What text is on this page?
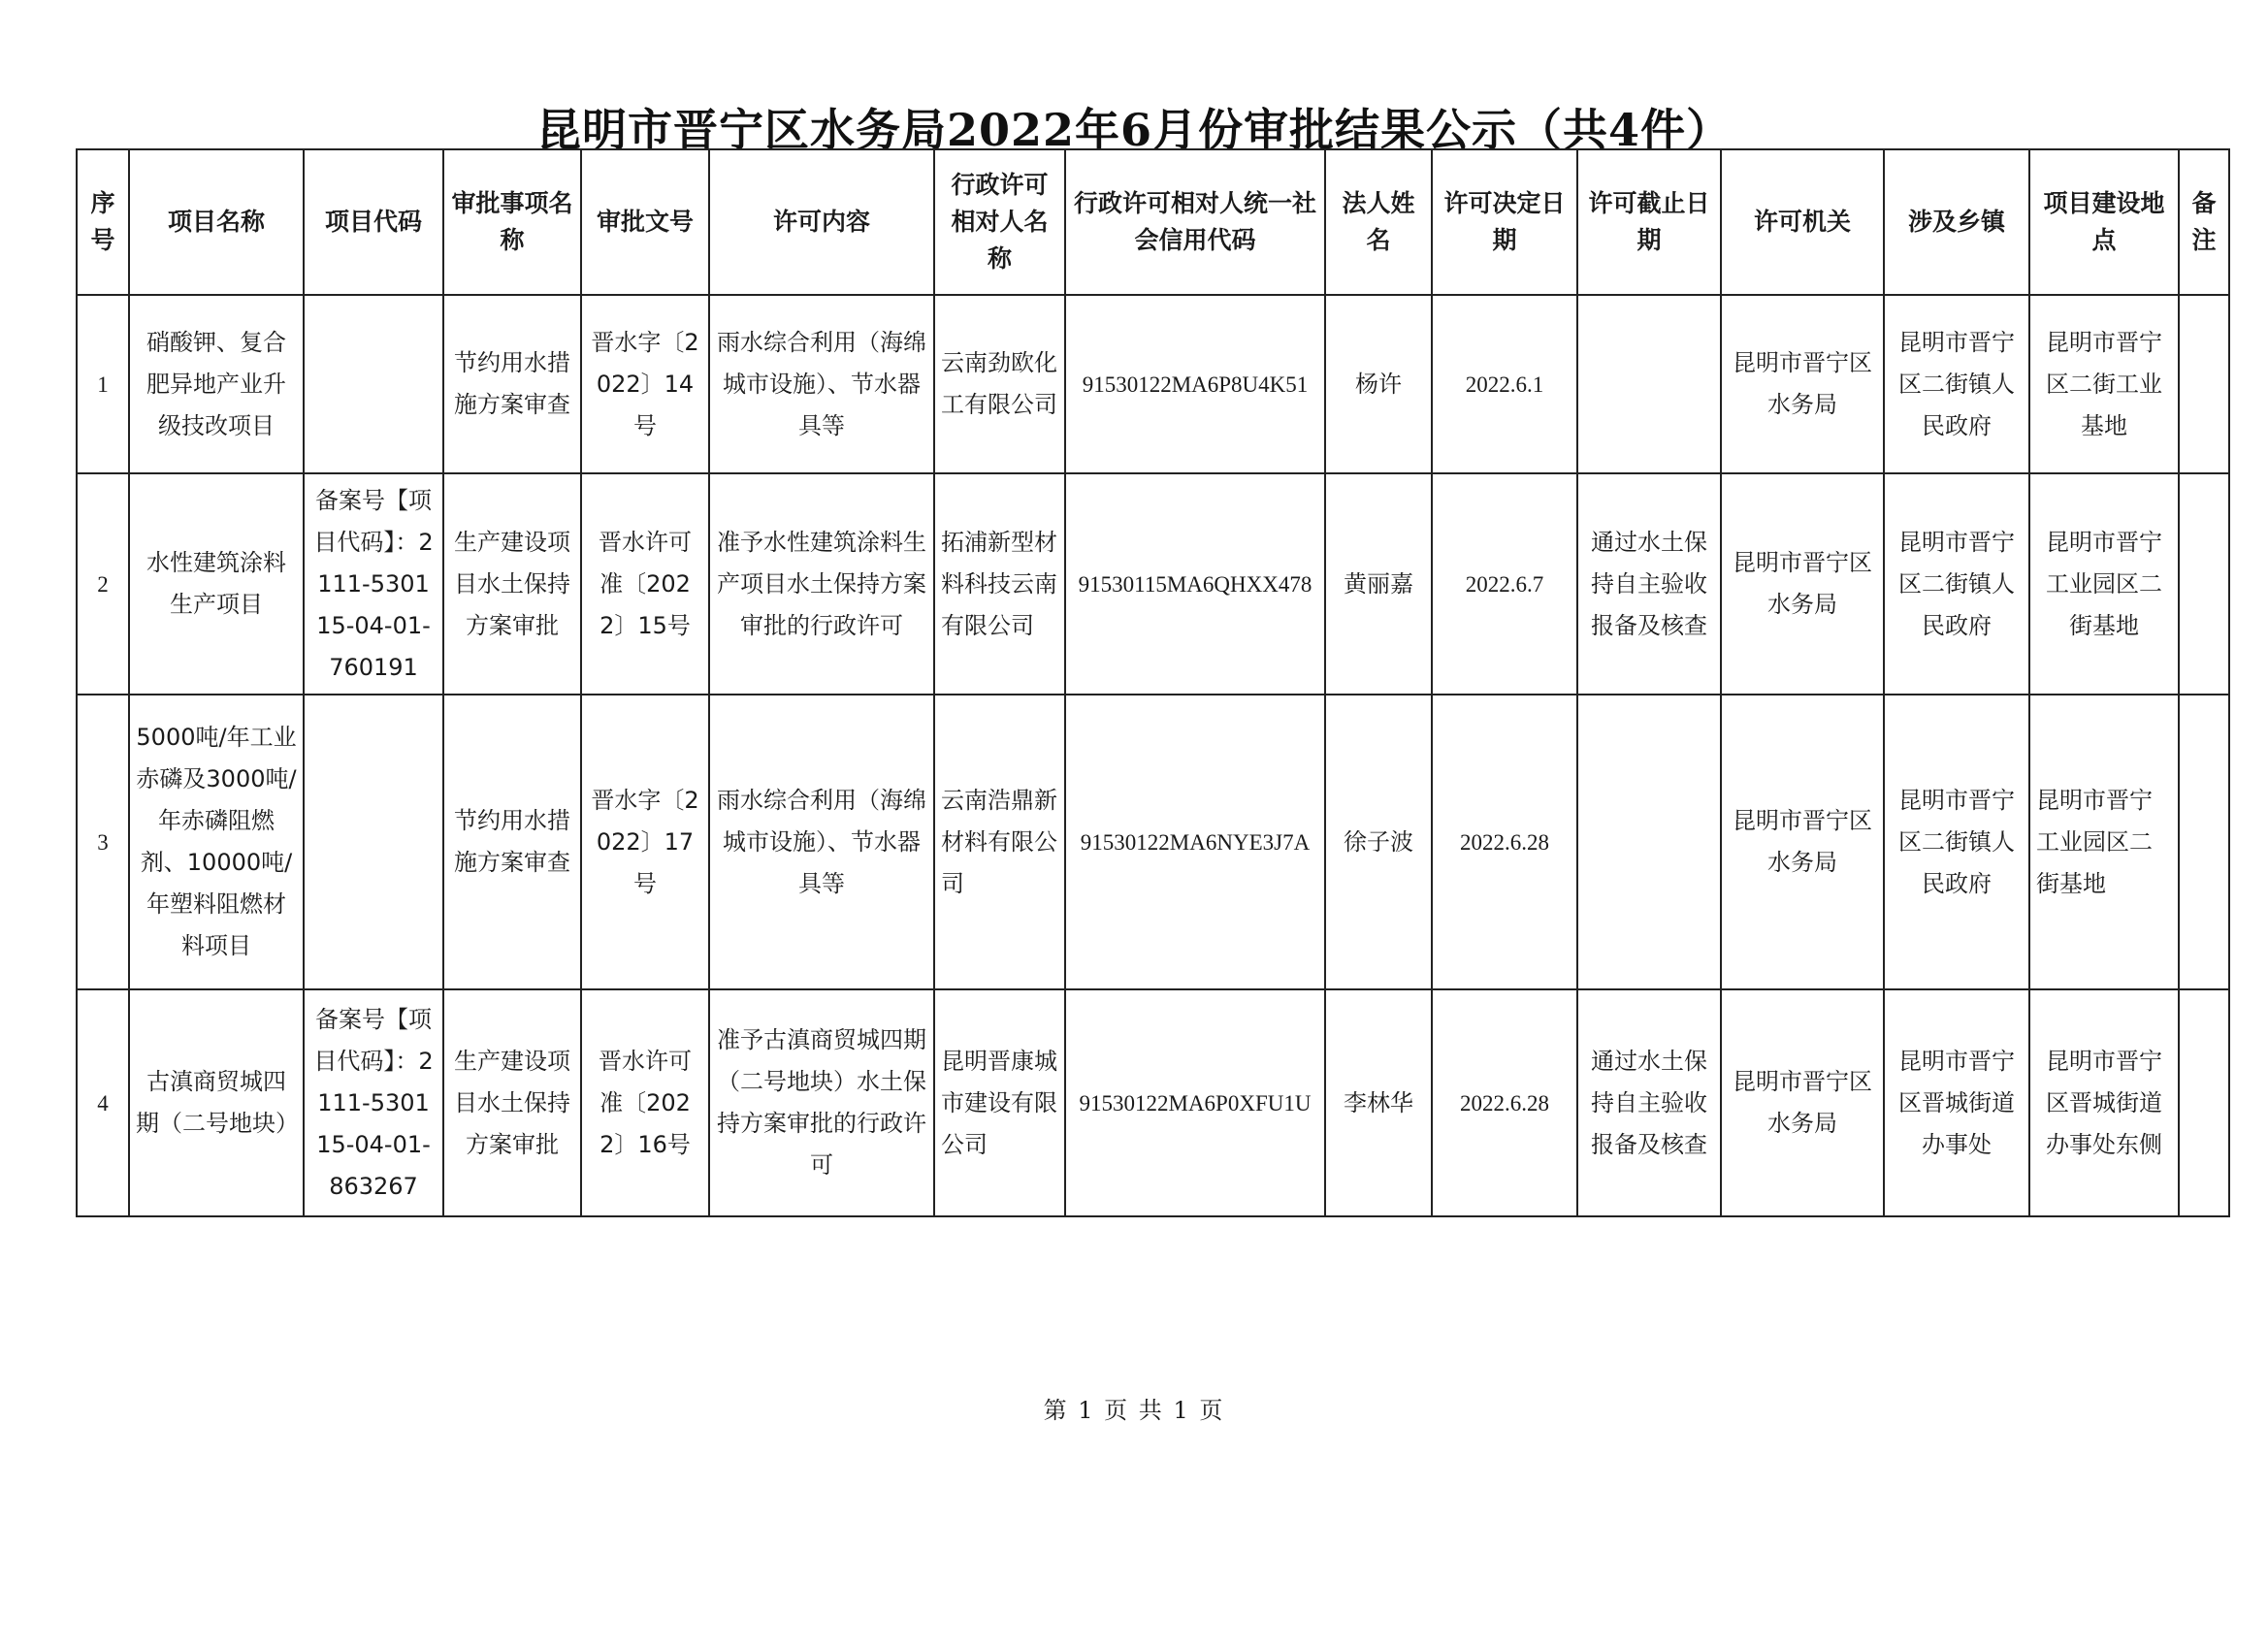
昆明市晋宁区水务局2022年6月份审批结果公示（共4件）
序号	项目名称	项目代码	审批事项名称	审批文号	许可内容	行政许可相对人名称	行政许可相对人统一社会信用代码	法人姓名	许可决定日期	许可截止日期	许可机关	涉及乡镇	项目建设地点	备注
1	硝酸钾、复合肥异地产业升级技改项目		节约用水措施方案审查	晋水字〔2022〕14号	雨水综合利用（海绵城市设施）、节水器具等	云南劲欧化工有限公司	91530122MA6P8U4K51	杨许	2022.6.1		昆明市晋宁区水务局	昆明市晋宁区二街镇人民政府	昆明市晋宁区二街工业基地	
2	水性建筑涂料生产项目	备案号【项目代码】：2111-530115-04-01-760191	生产建设项目水土保持方案审批	晋水许可准〔2022〕15号	准予水性建筑涂料生产项目水土保持方案审批的行政许可	拓浦新型材料科技云南有限公司	91530115MA6QHXX478	黄丽嘉	2022.6.7	通过水土保持自主验收报备及核查	昆明市晋宁区水务局	昆明市晋宁区二街镇人民政府	昆明市晋宁工业园区二街基地	
3	5000吨/年工业赤磷及3000吨/年赤磷阻燃剂、10000吨/年塑料阻燃材料项目		节约用水措施方案审查	晋水字〔2022〕17号	雨水综合利用（海绵城市设施）、节水器具等	云南浩鼎新材料有限公司	91530122MA6NYE3J7A	徐子波	2022.6.28		昆明市晋宁区水务局	昆明市晋宁区二街镇人民政府	昆明市晋宁工业园区二街基地	
4	古滇商贸城四期（二号地块）	备案号【项目代码】：2111-530115-04-01-863267	生产建设项目水土保持方案审批	晋水许可准〔2022〕16号	准予古滇商贸城四期（二号地块）水土保持方案审批的行政许可	昆明晋康城市建设有限公司	91530122MA6P0XFU1U	李林华	2022.6.28	通过水土保持自主验收报备及核查	昆明市晋宁区水务局	昆明市晋宁区晋城街道办事处	昆明市晋宁区晋城街道办事处东侧	
第 1 页 共 1 页
